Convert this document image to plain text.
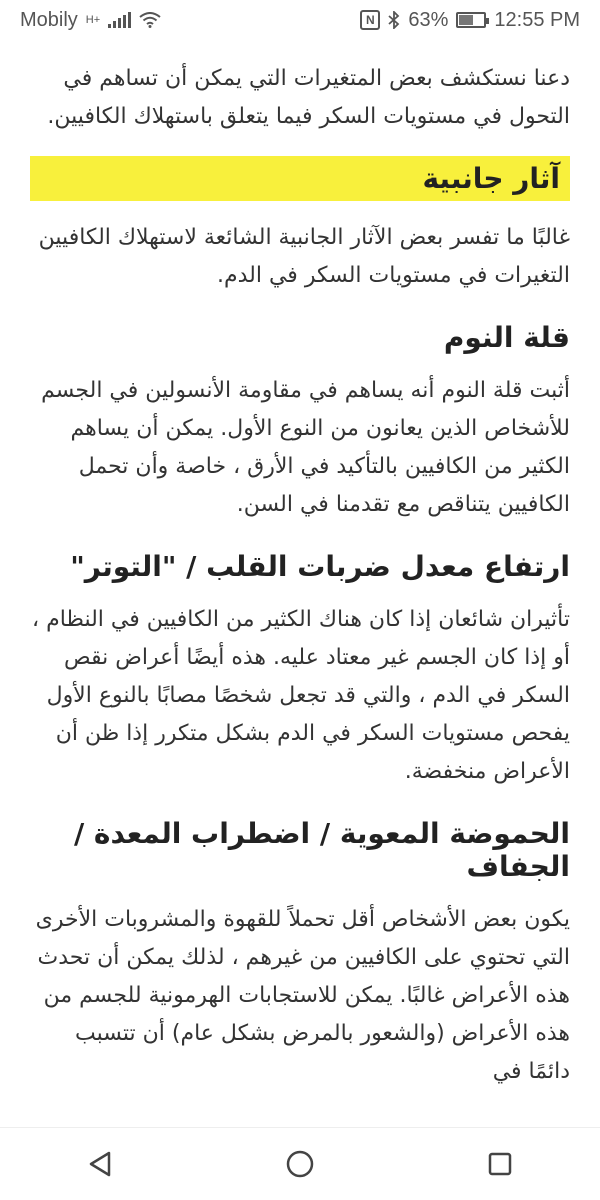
Mobily H+	N 63% 12:55 PM

دعنا نستكشف بعض المتغيرات التي يمكن أن تساهم في التحول في مستويات السكر فيما يتعلق باستهلاك الكافيين.

آثار جانبية

غالبًا ما تفسر بعض الآثار الجانبية الشائعة لاستهلاك الكافيين التغيرات في مستويات السكر في الدم.

قلة النوم

أثبت قلة النوم أنه يساهم في مقاومة الأنسولين في الجسم للأشخاص الذين يعانون من النوع الأول. يمكن أن يساهم الكثير من الكافيين بالتأكيد في الأرق ، خاصة وأن تحمل الكافيين يتناقص مع تقدمنا في السن.

ارتفاع معدل ضربات القلب / "التوتر"

تأثيران شائعان إذا كان هناك الكثير من الكافيين في النظام ، أو إذا كان الجسم غير معتاد عليه. هذه أيضًا أعراض نقص السكر في الدم ، والتي قد تجعل شخصًا مصابًا بالنوع الأول يفحص مستويات السكر في الدم بشكل متكرر إذا ظن أن الأعراض منخفضة.

الحموضة المعوية / اضطراب المعدة / الجفاف

يكون بعض الأشخاص أقل تحملاً للقهوة والمشروبات الأخرى التي تحتوي على الكافيين من غيرهم ، لذلك يمكن أن تحدث هذه الأعراض غالبًا. يمكن للاستجابات الهرمونية للجسم من هذه الأعراض (والشعور بالمرض بشكل عام) أن تتسبب دائمًا في
